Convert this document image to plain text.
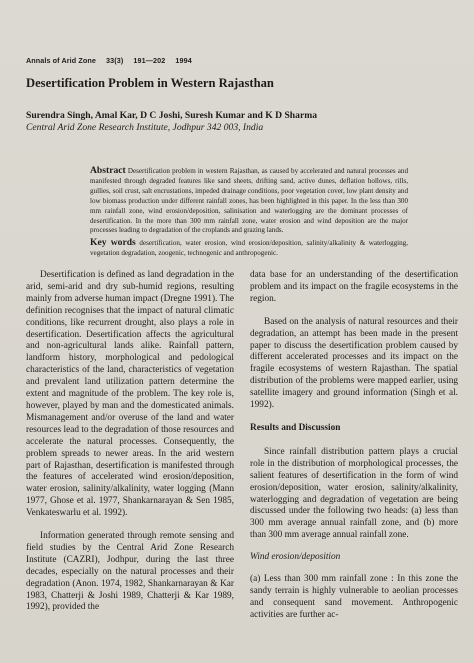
Annals of Arid Zone 33(3) 191—202 1994
Desertification Problem in Western Rajasthan
Surendra Singh, Amal Kar, D C Joshi, Suresh Kumar and K D Sharma
Central Arid Zone Research Institute, Jodhpur 342 003, India

Abstract Desertification problem in western Rajasthan, as caused by accelerated and natural processes and manifested through degraded features like sand sheets, drifting sand, active dunes, deflation hollows, rills, gullies, soil crust, salt encrustations, impeded drainage conditions, poor vegetation cover, low plant density and low biomass production under different rainfall zones, has been highlighted in this paper. In the less than 300 mm rainfall zone, wind erosion/deposition, salinisation and waterlogging are the dominant processes of desertification. In the more than 300 mm rainfall zone, water erosion and wind deposition are the major processes leading to degradation of the croplands and grazing lands.

Key words desertification, water erosion, wind erosion/deposition, salinity/alkalinity & waterlogging, vegetation degradation, zoogenic, technogenic and anthropogenic.

Desertification is defined as land degradation in the arid, semi-arid and dry sub-humid regions, resulting mainly from adverse human impact (Dregne 1991). The definition recognises that the impact of natural climatic conditions, like recurrent drought, also plays a role in desertification. Desertification affects the agricultural and non-agricultural lands alike. Rainfall pattern, landform history, morphological and pedological characteristics of the land, characteristics of vegetation and prevalent land utilization pattern determine the extent and magnitude of the problem. The key role is, however, played by man and the domesticated animals. Mismanagement and/or overuse of the land and water resources lead to the degradation of those resources and accelerate the natural processes. Consequently, the problem spreads to newer areas. In the arid western part of Rajasthan, desertification is manifested through the features of accelerated wind erosion/deposition, water erosion, salinity/alkalinity, water logging (Mann 1977, Ghose et al. 1977, Shankarnarayan & Sen 1985, Venkateswarlu et al. 1992).

Information generated through remote sensing and field studies by the Central Arid Zone Research Institute (CAZRI), Jodhpur, during the last three decades, especially on the natural processes and their degradation (Anon. 1974, 1982, Shankarnarayan & Kar 1983, Chatterji & Joshi 1989, Chatterji & Kar 1989, 1992), provided the

data base for an understanding of the desertification problem and its impact on the fragile ecosystems in the region.

Based on the analysis of natural resources and their degradation, an attempt has been made in the present paper to discuss the desertification problem caused by different accelerated processes and its impact on the fragile ecosystems of western Rajasthan. The spatial distribution of the problems were mapped earlier, using satellite imagery and ground information (Singh et al. 1992).

Results and Discussion

Since rainfall distribution pattern plays a crucial role in the distribution of morphological processes, the salient features of desertification in the form of wind erosion/deposition, water erosion, salinity/alkalinity, waterlogging and degradation of vegetation are being discussed under the following two heads: (a) less than 300 mm average annual rainfall zone, and (b) more than 300 mm average annual rainfall zone.

Wind erosion/deposition

(a) Less than 300 mm rainfall zone : In this zone the sandy terrain is highly vulnerable to aeolian processes and consequent sand movement. Anthropogenic activities are further ac-
